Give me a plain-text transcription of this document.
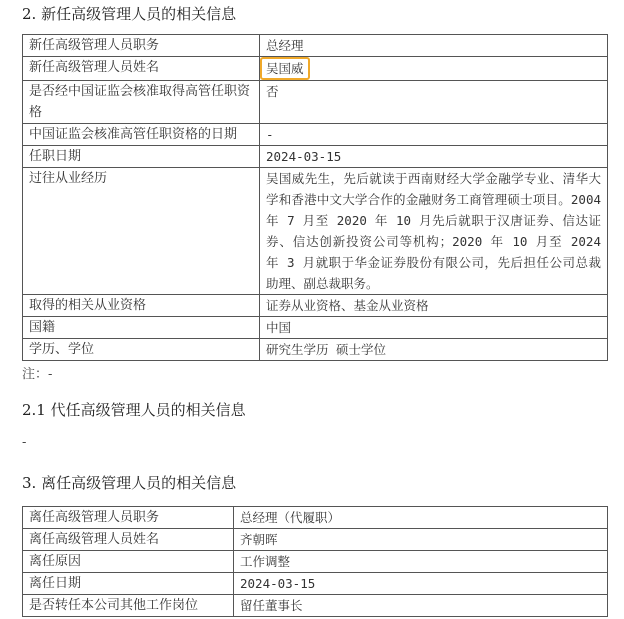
2. 新任高级管理人员的相关信息
新任高级管理人员职务	总经理
新任高级管理人员姓名	吴国威
是否经中国证监会核准取得高管任职资格	否
中国证监会核准高管任职资格的日期	-
任职日期	2024-03-15
过往从业经历	吴国威先生，先后就读于西南财经大学金融学专业、清华大学和香港中文大学合作的金融财务工商管理硕士项目。2004 年 7 月至 2020 年 10 月先后就职于汉唐证券、信达证券、信达创新投资公司等机构；2020 年 10 月至 2024 年 3 月就职于华金证券股份有限公司，先后担任公司总裁助理、副总裁职务。
取得的相关从业资格	证券从业资格、基金从业资格
国籍	中国
学历、学位	研究生学历 硕士学位
注：-
2.1 代任高级管理人员的相关信息
-
3. 离任高级管理人员的相关信息
离任高级管理人员职务	总经理（代履职）
离任高级管理人员姓名	齐朝晖
离任原因	工作调整
离任日期	2024-03-15
是否转任本公司其他工作岗位	留任董事长
